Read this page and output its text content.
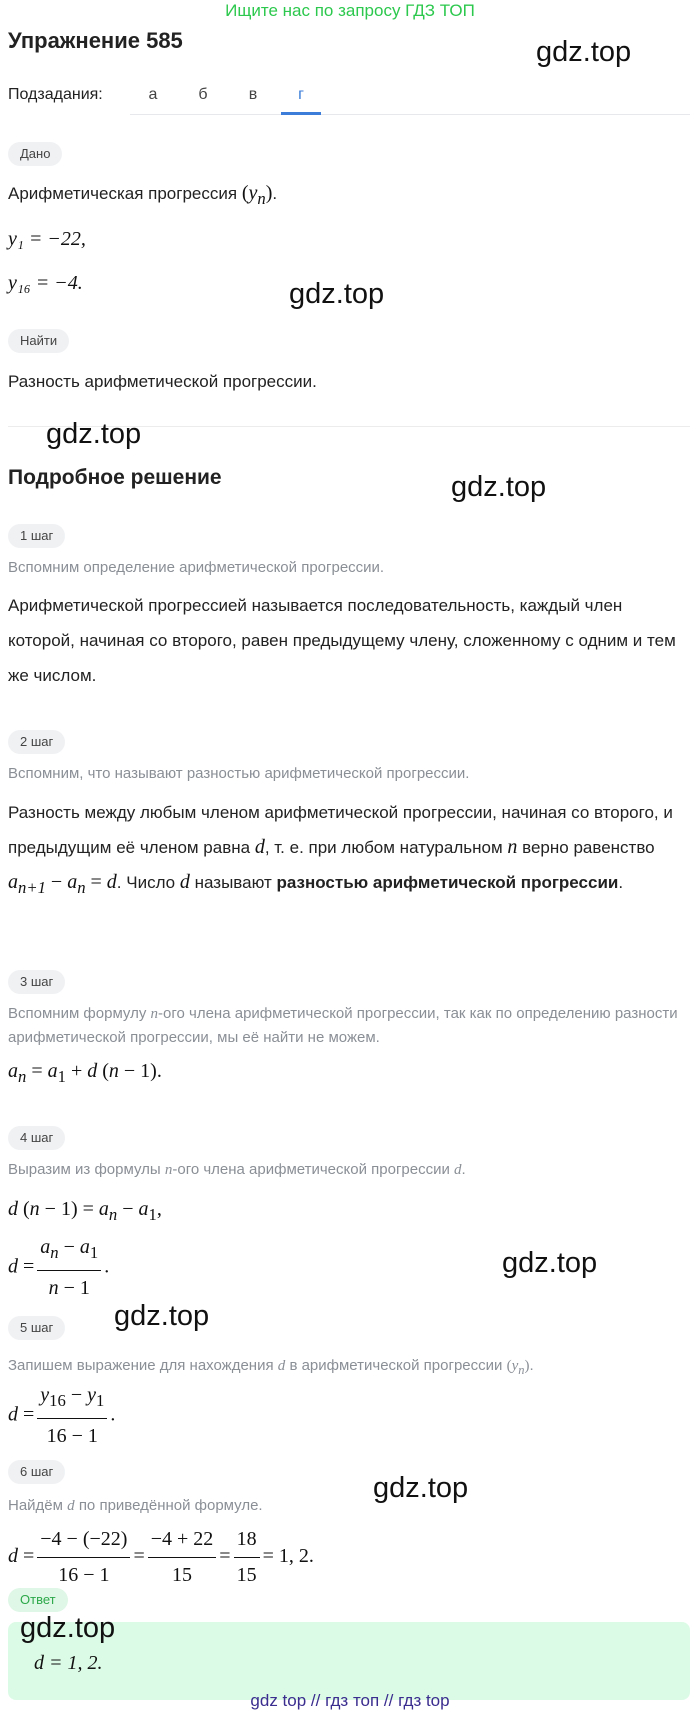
Ищите нас по запросу ГДЗ ТОП
Упражнение 585	gdz.top
Подзадания:	а	б	в	г
Дано
Арифметическая прогрессия $(y_n)$.
y₁ = −22,
y₁₆ = −4.	gdz.top
Найти
Разность арифметической прогрессии.
gdz.top
Подробное решение	gdz.top
1 шаг
Вспомним определение арифметической прогрессии.
Арифметической прогрессией называется последовательность, каждый член которой, начиная со второго, равен предыдущему члену, сложенному с одним и тем же числом.
2 шаг
Вспомним, что называют разностью арифметической прогрессии.
Разность между любым членом арифметической прогрессии, начиная со второго, и предыдущим её членом равна d, т. е. при любом натуральном n верно равенство $a_{n+1} - a_n = d$. Число d называют разностью арифметической прогрессии.
3 шаг
Вспомним формулу n-ого члена арифметической прогрессии, так как по определению разности арифметической прогрессии, мы её найти не можем.
$a_n = a_1 + d$ (n − 1).
4 шаг
Выразим из формулы n-ого члена арифметической прогрессии d.
d $(n - 1) = a_n - a_1$,
$d = \frac{a_n - a_1}{n - 1}$ .	gdz.top
5 шаг	gdz.top
Запишем выражение для нахождения d в арифметической прогрессии $(y_n)$.
$d = \frac{y_{16} - y_1}{16 - 1}$ .
6 шаг
gdz.top
Найдём d по приведённой формуле.
$d = \frac{-4 - (-22)}{16 - 1} = \frac{-4 + 22}{15} = \frac{18}{15} = 1$, 2.
Ответ
gdz.top
d = 1, 2.
gdz top // гдз топ // гдз top
